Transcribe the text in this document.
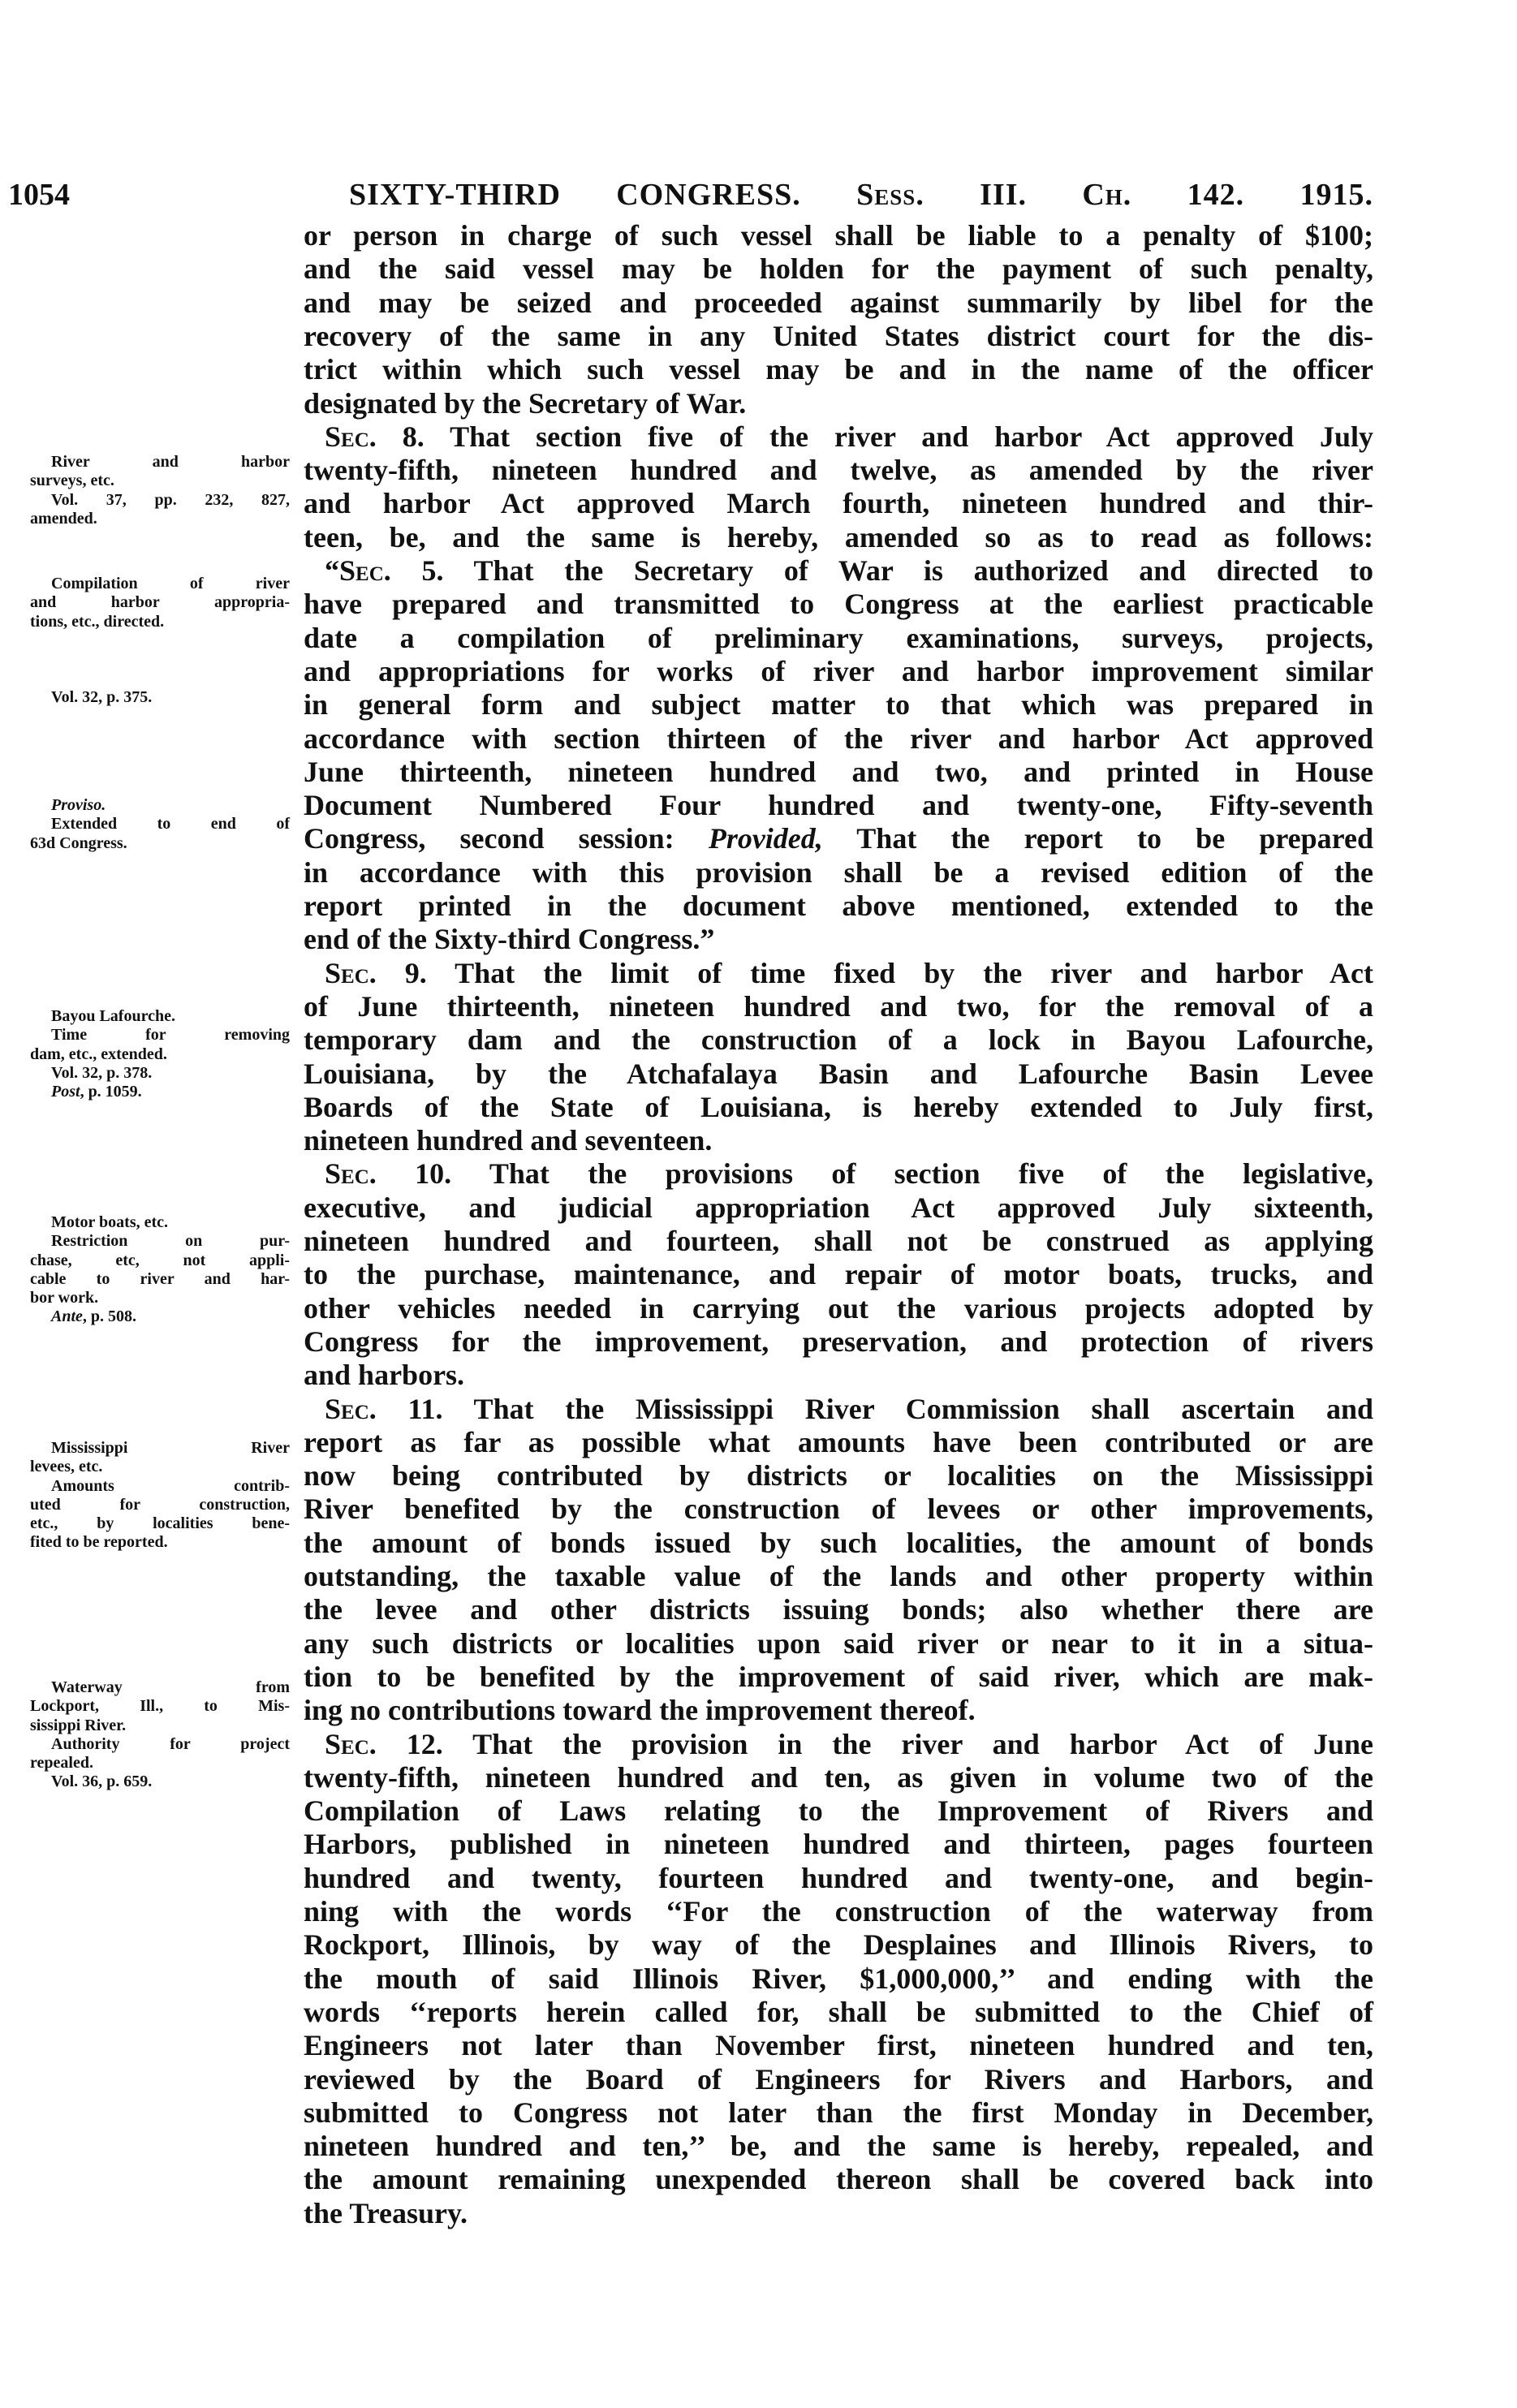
1054	SIXTY-THIRD CONGRESS. Sess. III. Ch. 142. 1915.
or person in charge of such vessel shall be liable to a penalty of $100;
and the said vessel may be holden for the payment of such penalty,
and may be seized and proceeded against summarily by libel for the
recovery of the same in any United States district court for the dis-
trict within which such vessel may be and in the name of the officer
designated by the Secretary of War.
Sec. 8. That section five of the river and harbor Act approved July
twenty-fifth, nineteen hundred and twelve, as amended by the river
and harbor Act approved March fourth, nineteen hundred and thir-
teen, be, and the same is hereby, amended so as to read as follows:
“Sec. 5. That the Secretary of War is authorized and directed to
have prepared and transmitted to Congress at the earliest practicable
date a compilation of preliminary examinations, surveys, projects,
and appropriations for works of river and harbor improvement similar
in general form and subject matter to that which was prepared in
accordance with section thirteen of the river and harbor Act approved
June thirteenth, nineteen hundred and two, and printed in House
Document Numbered Four hundred and twenty-one, Fifty-seventh
Congress, second session: Provided, That the report to be prepared
in accordance with this provision shall be a revised edition of the
report printed in the document above mentioned, extended to the
end of the Sixty-third Congress.”
Sec. 9. That the limit of time fixed by the river and harbor Act
of June thirteenth, nineteen hundred and two, for the removal of a
temporary dam and the construction of a lock in Bayou Lafourche,
Louisiana, by the Atchafalaya Basin and Lafourche Basin Levee
Boards of the State of Louisiana, is hereby extended to July first,
nineteen hundred and seventeen.
Sec. 10. That the provisions of section five of the legislative,
executive, and judicial appropriation Act approved July sixteenth,
nineteen hundred and fourteen, shall not be construed as applying
to the purchase, maintenance, and repair of motor boats, trucks, and
other vehicles needed in carrying out the various projects adopted by
Congress for the improvement, preservation, and protection of rivers
and harbors.
Sec. 11. That the Mississippi River Commission shall ascertain and
report as far as possible what amounts have been contributed or are
now being contributed by districts or localities on the Mississippi
River benefited by the construction of levees or other improvements,
the amount of bonds issued by such localities, the amount of bonds
outstanding, the taxable value of the lands and other property within
the levee and other districts issuing bonds; also whether there are
any such districts or localities upon said river or near to it in a situa-
tion to be benefited by the improvement of said river, which are mak-
ing no contributions toward the improvement thereof.
Sec. 12. That the provision in the river and harbor Act of June
twenty-fifth, nineteen hundred and ten, as given in volume two of the
Compilation of Laws relating to the Improvement of Rivers and
Harbors, published in nineteen hundred and thirteen, pages fourteen
hundred and twenty, fourteen hundred and twenty-one, and begin-
ning with the words ‘‘For the construction of the waterway from
Rockport, Illinois, by way of the Desplaines and Illinois Rivers, to
the mouth of said Illinois River, $1,000,000,’’ and ending with the
words ‘‘reports herein called for, shall be submitted to the Chief of
Engineers not later than November first, nineteen hundred and ten,
reviewed by the Board of Engineers for Rivers and Harbors, and
submitted to Congress not later than the first Monday in December,
nineteen hundred and ten,’’ be, and the same is hereby, repealed, and
the amount remaining unexpended thereon shall be covered back into
the Treasury.
River and harbor
surveys, etc.
Vol. 37, pp. 232, 827,
amended.
Compilation of river
and harbor appropria-
tions, etc., directed.
Vol. 32, p. 375.
Proviso.
Extended to end of
63d Congress.
Bayou Lafourche.
Time for removing
dam, etc., extended.
Vol. 32, p. 378.
Post, p. 1059.
Motor boats, etc.
Restriction on pur-
chase, etc, not appli-
cable to river and har-
bor work.
Ante, p. 508.
Mississippi River
levees, etc.
Amounts contrib-
uted for construction,
etc., by localities bene-
fited to be reported.
Waterway from
Lockport, Ill., to Mis-
sissippi River.
Authority for project
repealed.
Vol. 36, p. 659.
